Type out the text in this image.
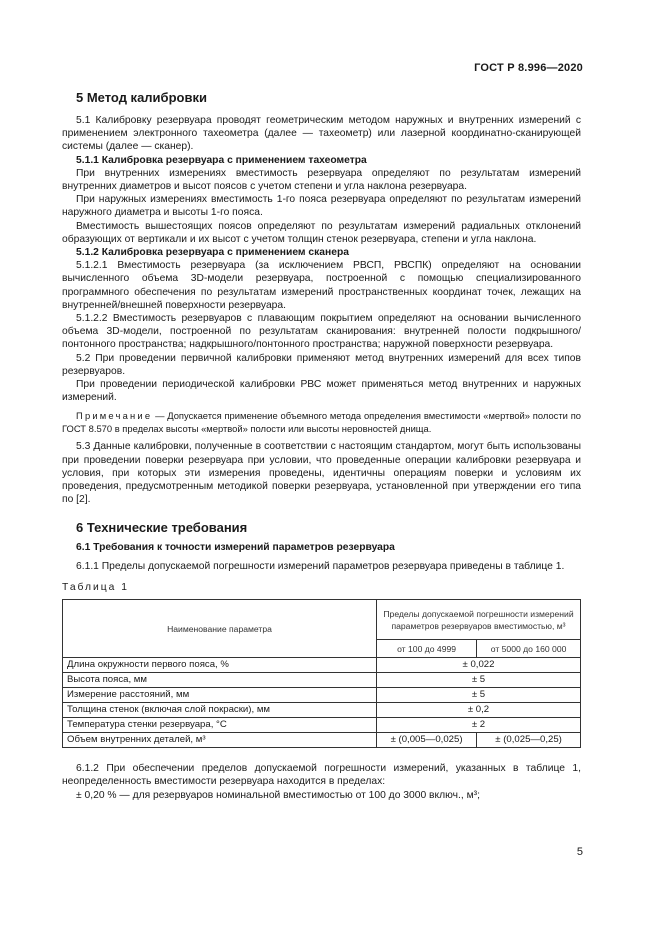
ГОСТ Р 8.996—2020
5 Метод калибровки

5.1 Калибровку резервуара проводят геометрическим методом наружных и внутренних измерений с применением электронного тахеометра (далее — тахеометр) или лазерной координатно-сканирующей системы (далее — сканер).

5.1.1 Калибровка резервуара с применением тахеометра

При внутренних измерениях вместимость резервуара определяют по результатам измерений внутренних диаметров и высот поясов с учетом степени и угла наклона резервуара.

При наружных измерениях вместимость 1-го пояса резервуара определяют по результатам измерений наружного диаметра и высоты 1-го пояса.

Вместимость вышестоящих поясов определяют по результатам измерений радиальных отклонений образующих от вертикали и их высот с учетом толщин стенок резервуара, степени и угла наклона.

5.1.2 Калибровка резервуара с применением сканера

5.1.2.1 Вместимость резервуара (за исключением РВСП, РВСПК) определяют на основании вычисленного объема 3D-модели резервуара, построенной с помощью специализированного программного обеспечения по результатам измерений пространственных координат точек, лежащих на внутренней/внешней поверхности резервуара.

5.1.2.2 Вместимость резервуаров с плавающим покрытием определяют на основании вычисленного объема 3D-модели, построенной по результатам сканирования: внутренней полости подкрышного/понтонного пространства; надкрышного/понтонного пространства; наружной поверхности резервуара.

5.2 При проведении первичной калибровки применяют метод внутренних измерений для всех типов резервуаров.

При проведении периодической калибровки РВС может применяться метод внутренних и наружных измерений.

Примечание — Допускается применение объемного метода определения вместимости «мертвой» полости по ГОСТ 8.570 в пределах высоты «мертвой» полости или высоты неровностей днища.

5.3 Данные калибровки, полученные в соответствии с настоящим стандартом, могут быть использованы при проведении поверки резервуара при условии, что проведенные операции калибровки резервуара и условия, при которых эти измерения проведены, идентичны операциям поверки и условиям их проведения, предусмотренным методикой поверки резервуара, установленной при утверждении его типа по [2].

6 Технические требования
6.1 Требования к точности измерений параметров резервуара

6.1.1 Пределы допускаемой погрешности измерений параметров резервуара приведены в таблице 1.

Таблица 1

Наименование параметра	Пределы допускаемой погрешности измерений параметров резервуаров вместимостью, м³	
	от 100 до 4999	от 5000 до 160 000
Длина окружности первого пояса, %	± 0,022	
Высота пояса, мм	± 5	
Измерение расстояний, мм	± 5	
Толщина стенок (включая слой покраски), мм	± 0,2	
Температура стенки резервуара, °С	± 2	
Объем внутренних деталей, м³	± (0,005—0,025)	± (0,025—0,25)

6.1.2 При обеспечении пределов допускаемой погрешности измерений, указанных в таблице 1, неопределенность вместимости резервуара находится в пределах:

± 0,20 % — для резервуаров номинальной вместимостью от 100 до 3000 включ., м³;

5
